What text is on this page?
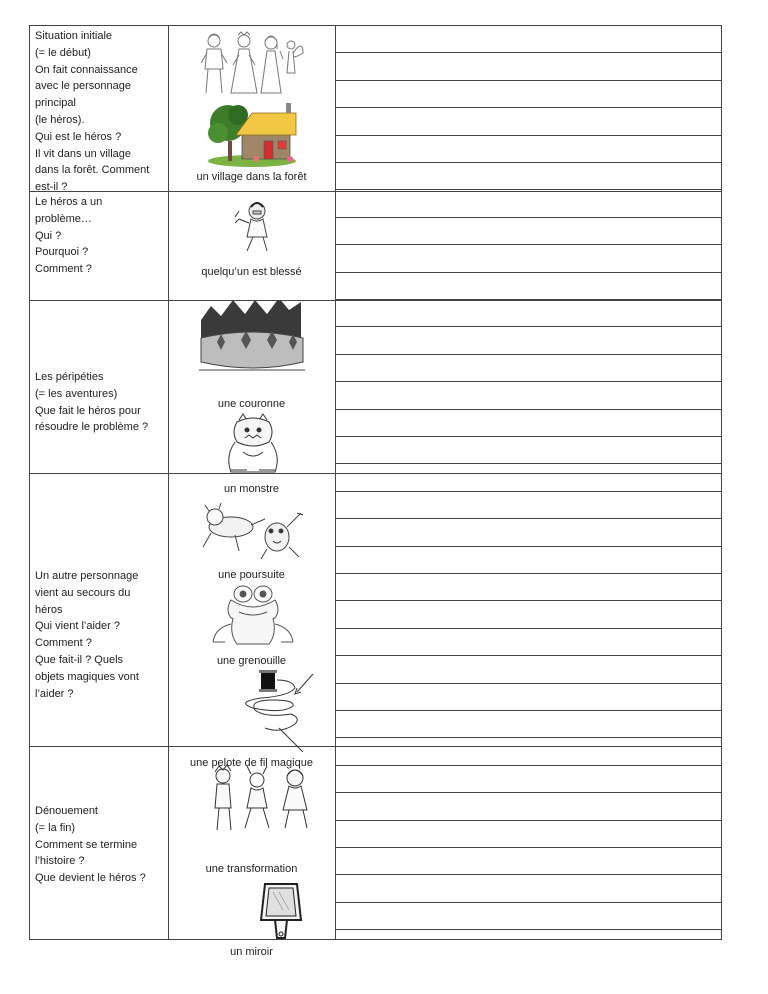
Situation initiale
(= le début)
On fait connaissance
avec le personnage
principal
(le héros).
Qui est le héros ?
Il vit dans un village
dans la forêt. Comment
est-il ?
un village dans la forêt
Le héros a un
problème…
Qui ?
Pourquoi ?
Comment ?	quelqu’un est blessé
Les péripéties
(= les aventures)
Que fait le héros pour
résoudre le problème ?
une couronne
un monstre
Un autre personnage
vient au secours du
héros
Qui vient l’aider ?
Comment ?
Que fait-il ? Quels
objets magiques vont
l’aider ?
une poursuite
une grenouille
une pelote de fil magique
Dénouement
(= la fin)
Comment se termine
l’histoire ?
Que devient le héros ?
une transformation
un miroir
